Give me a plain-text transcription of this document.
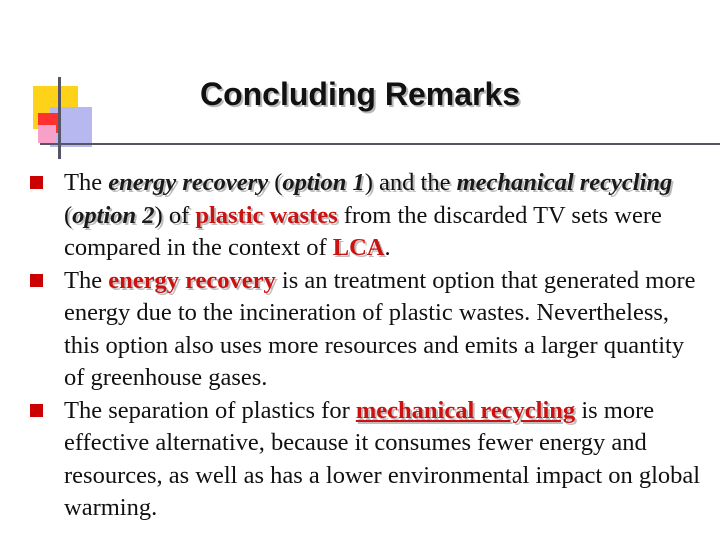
Concluding Remarks
The energy recovery (option 1) and the mechanical recycling (option 2) of plastic wastes from the discarded TV sets were compared in the context of LCA.
The energy recovery is an treatment option that generated more energy due to the incineration of plastic wastes. Nevertheless, this option also uses more resources and emits a larger quantity of greenhouse gases.
The separation of plastics for mechanical recycling is more effective alternative, because it consumes fewer energy and resources, as well as has a lower environmental impact on global warming.
